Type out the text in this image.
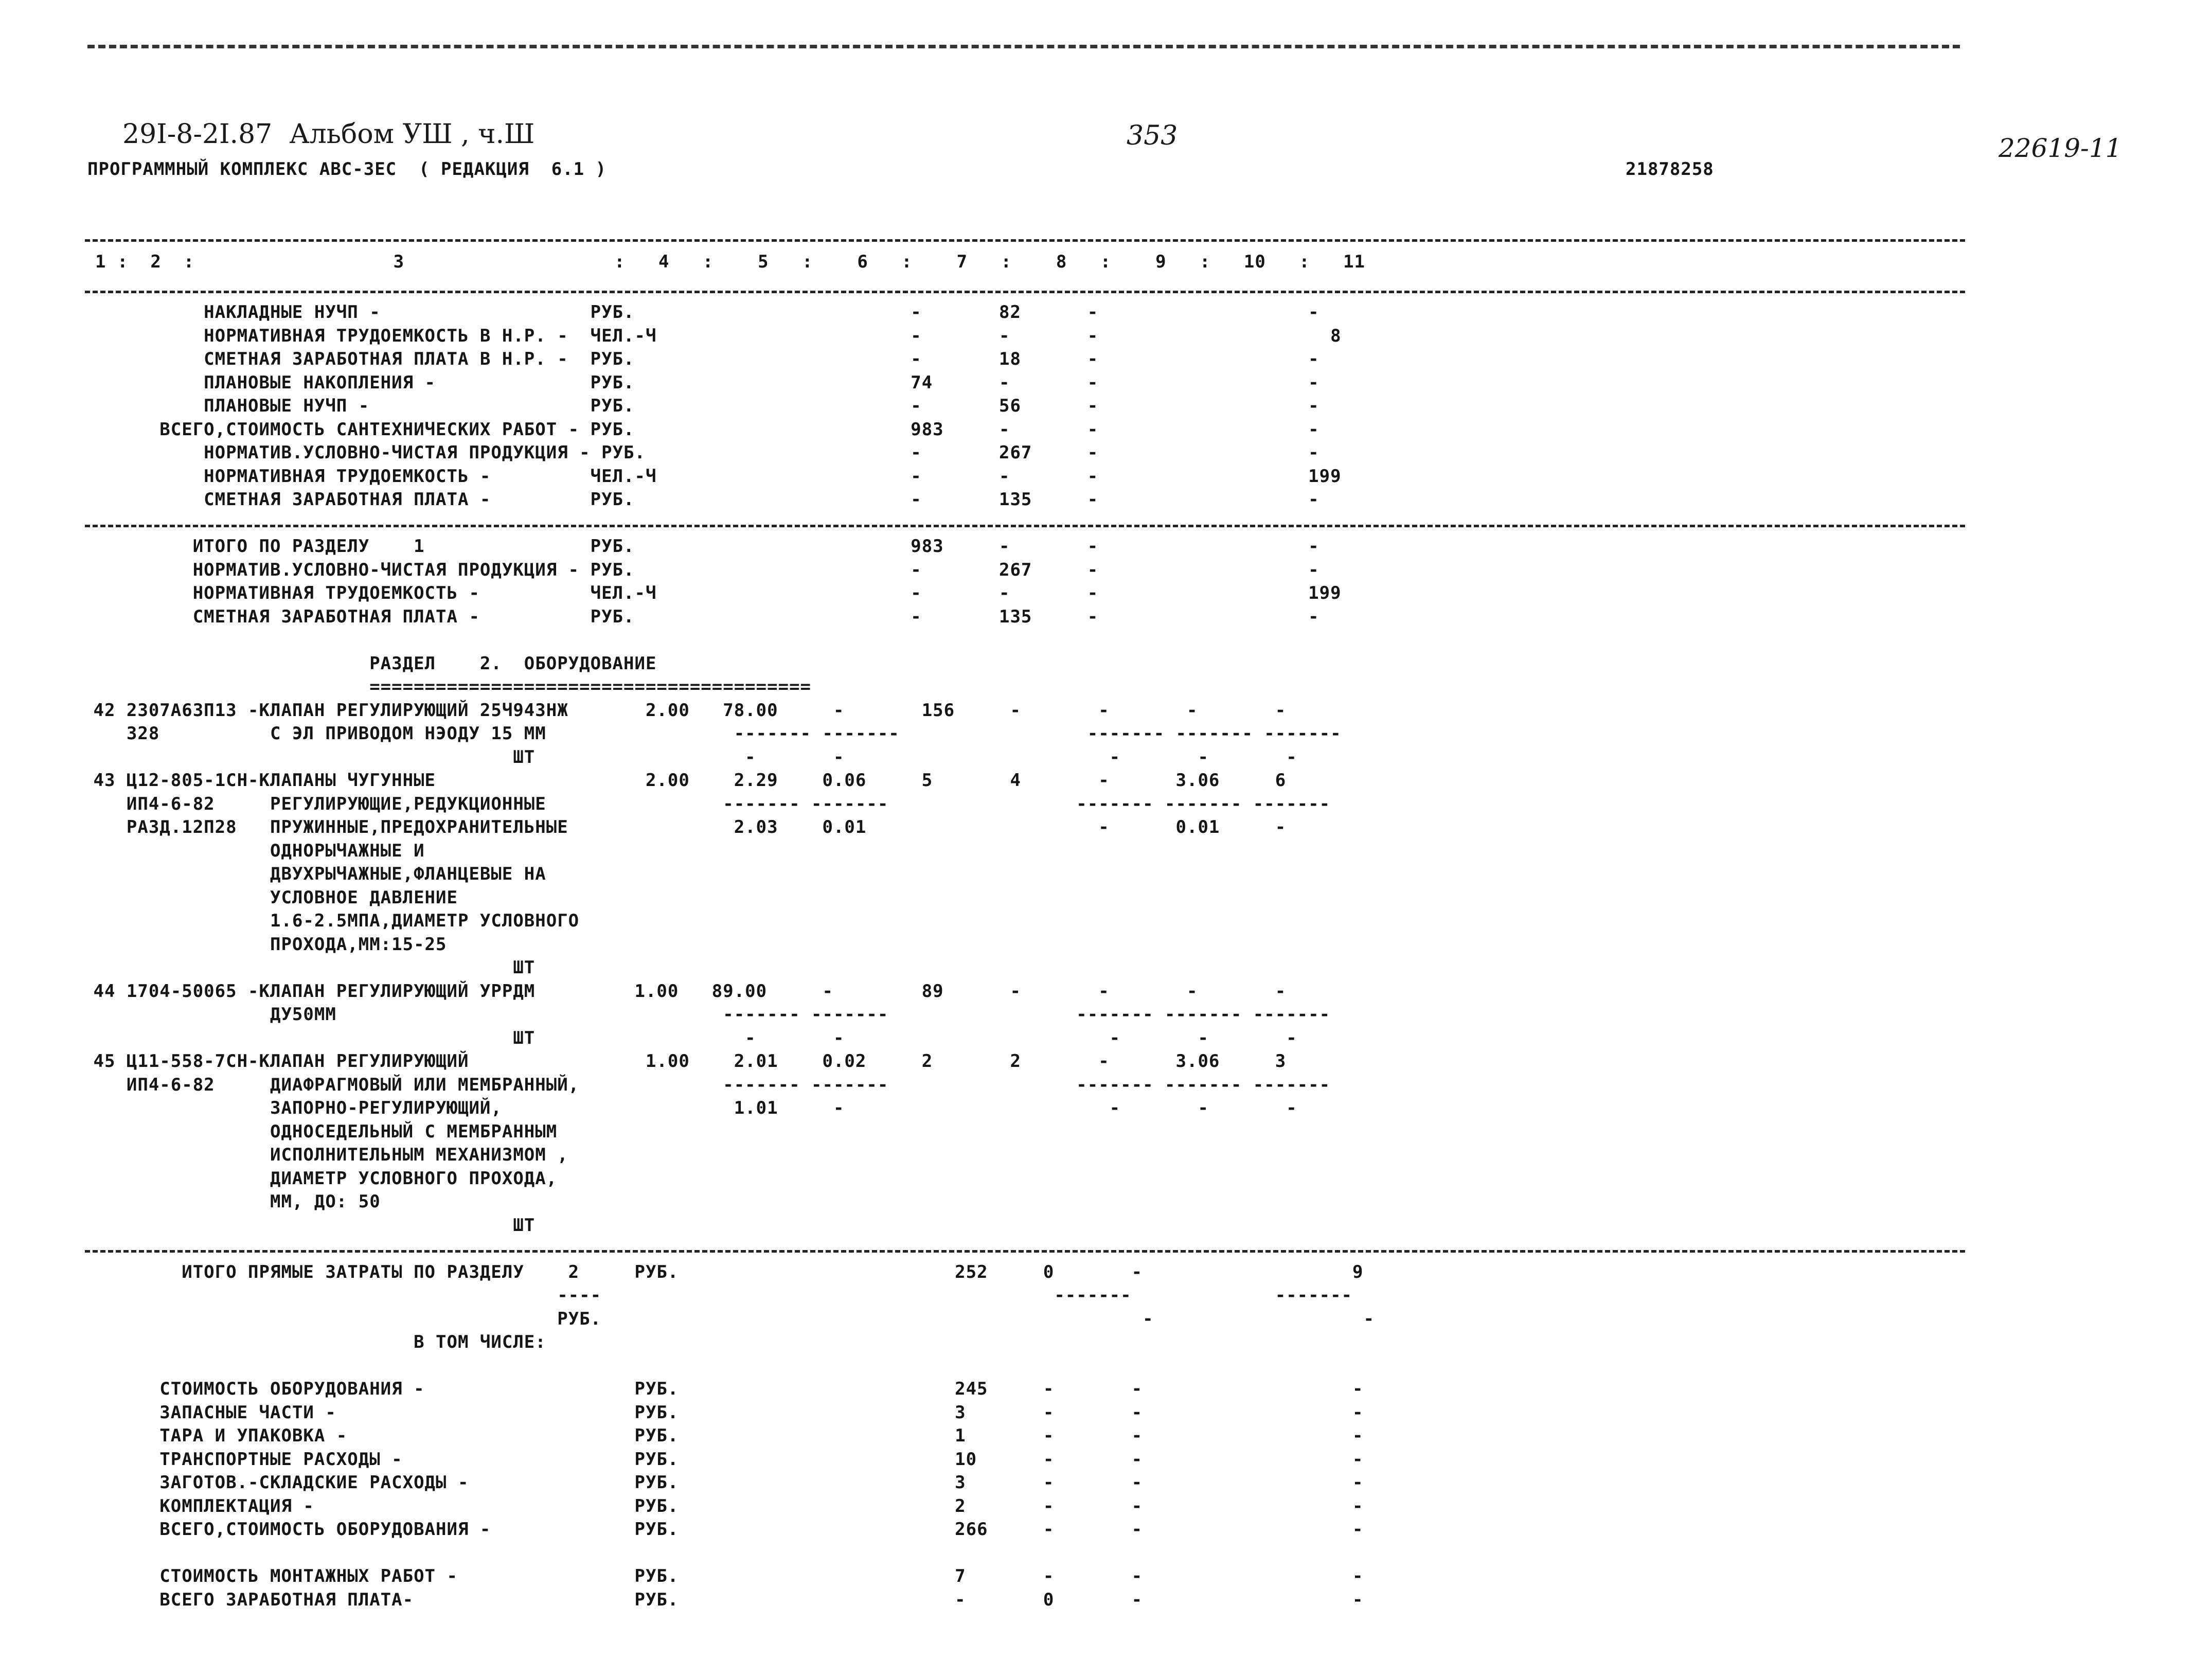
29I-8-2I.87  Альбом УШ , ч.Ш	353	22619-11
ПРОГРАММНЫЙ КОМПЛЕКС АВС-ЗЕС  ( РЕДАКЦИЯ  6.1 )	21878258
1 :  2  :                  3                   :   4   :    5   :    6   :    7   :    8   :    9   :   10   :   11
НАКЛАДНЫЕ НУЧП -                   РУБ.                         -       82      -                   -
НОРМАТИВНАЯ ТРУДОЕМКОСТЬ В Н.Р. -  ЧЕЛ.-Ч                       -       -       -                     8
СМЕТНАЯ ЗАРАБОТНАЯ ПЛАТА В Н.Р. -  РУБ.                         -       18      -                   -
ПЛАНОВЫЕ НАКОПЛЕНИЯ -              РУБ.                         74      -       -                   -
ПЛАНОВЫЕ НУЧП -                    РУБ.                         -       56      -                   -
ВСЕГО,СТОИМОСТЬ САНТЕХНИЧЕСКИХ РАБОТ - РУБ.                         983     -       -                   -
НОРМАТИВ.УСЛОВНО-ЧИСТАЯ ПРОДУКЦИЯ - РУБ.                        -       267     -                   -
НОРМАТИВНАЯ ТРУДОЕМКОСТЬ -         ЧЕЛ.-Ч                       -       -       -                   199
СМЕТНАЯ ЗАРАБОТНАЯ ПЛАТА -         РУБ.                         -       135     -                   -
ИТОГО ПО РАЗДЕЛУ    1               РУБ.                         983     -       -                   -
НОРМАТИВ.УСЛОВНО-ЧИСТАЯ ПРОДУКЦИЯ - РУБ.                         -       267     -                   -
НОРМАТИВНАЯ ТРУДОЕМКОСТЬ -          ЧЕЛ.-Ч                       -       -       -                   199
СМЕТНАЯ ЗАРАБОТНАЯ ПЛАТА -          РУБ.                         -       135     -                   -
РАЗДЕЛ    2.  ОБОРУДОВАНИЕ
========================================
42 2307А63П13 -КЛАПАН РЕГУЛИРУЮЩИЙ 25Ч943НЖ       2.00   78.00     -       156     -       -       -       -
328          С ЭЛ ПРИВОДОМ НЭОДУ 15 ММ                 ------- -------                 ------- ------- -------
ШТ                   -       -                        -       -       -
43 Ц12-805-1СН-КЛАПАНЫ ЧУГУННЫЕ                   2.00    2.29    0.06     5       4       -      3.06     6
ИП4-6-82     РЕГУЛИРУЮЩИЕ,РЕДУКЦИОННЫЕ                ------- -------                 ------- ------- -------
РАЗД.12П28   ПРУЖИННЫЕ,ПРЕДОХРАНИТЕЛЬНЫЕ               2.03    0.01                     -      0.01     -
ОДНОРЫЧАЖНЫЕ И
ДВУХРЫЧАЖНЫЕ,ФЛАНЦЕВЫЕ НА
УСЛОВНОЕ ДАВЛЕНИЕ
1.6-2.5МПА,ДИАМЕТР УСЛОВНОГО
ПРОХОДА,ММ:15-25
ШТ
44 1704-50065 -КЛАПАН РЕГУЛИРУЮЩИЙ УРРДМ         1.00   89.00     -        89      -       -       -       -
ДУ50ММ                                   ------- -------                 ------- ------- -------
ШТ                   -       -                        -       -       -
45 Ц11-558-7СН-КЛАПАН РЕГУЛИРУЮЩИЙ                1.00    2.01    0.02     2       2       -      3.06     3
ИП4-6-82     ДИАФРАГМОВЫЙ ИЛИ МЕМБРАННЫЙ,             ------- -------                 ------- ------- -------
ЗАПОРНО-РЕГУЛИРУЮЩИЙ,                     1.01     -                        -       -       -
ОДНОСЕДЕЛЬНЫЙ С МЕМБРАННЫМ
ИСПОЛНИТЕЛЬНЫМ МЕХАНИЗМОМ ,
ДИАМЕТР УСЛОВНОГО ПРОХОДА,
ММ, ДО: 50
ШТ
ИТОГО ПРЯМЫЕ ЗАТРАТЫ ПО РАЗДЕЛУ    2     РУБ.                         252     0       -                   9
----                                         -------             -------
РУБ.                                                 -                   -
В ТОМ ЧИСЛЕ:
СТОИМОСТЬ ОБОРУДОВАНИЯ -                   РУБ.                         245     -       -                   -
ЗАПАСНЫЕ ЧАСТИ -                           РУБ.                         3       -       -                   -
ТАРА И УПАКОВКА -                          РУБ.                         1       -       -                   -
ТРАНСПОРТНЫЕ РАСХОДЫ -                     РУБ.                         10      -       -                   -
ЗАГОТОВ.-СКЛАДСКИЕ РАСХОДЫ -               РУБ.                         3       -       -                   -
КОМПЛЕКТАЦИЯ -                             РУБ.                         2       -       -                   -
ВСЕГО,СТОИМОСТЬ ОБОРУДОВАНИЯ -             РУБ.                         266     -       -                   -
СТОИМОСТЬ МОНТАЖНЫХ РАБОТ -                РУБ.                         7       -       -                   -
ВСЕГО ЗАРАБОТНАЯ ПЛАТА-                    РУБ.                         -       0       -                   -
